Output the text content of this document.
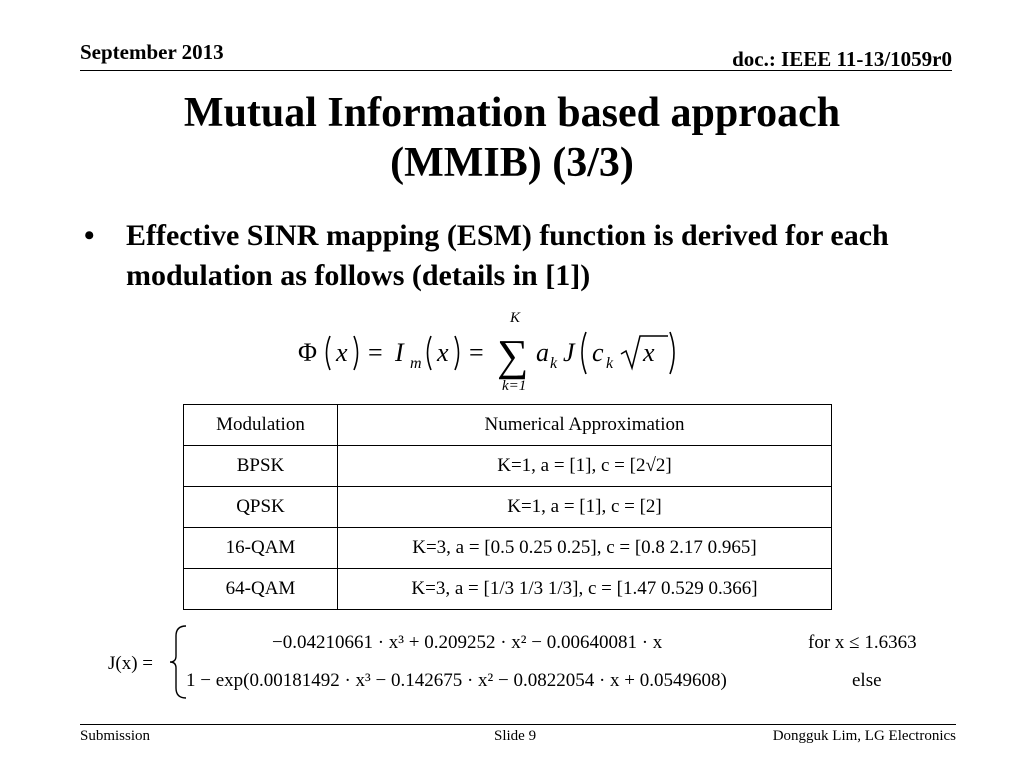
September 2013	doc.: IEEE 11-13/1059r0
Mutual Information based approach
(MMIB) (3/3)
• Effective SINR mapping (ESM) function is derived for each modulation as follows (details in [1])
Φ x = I m x =
K
∑
k=1
a k J c k x
Modulation	Numerical Approximation
BPSK	K=1, a = [1], c = [2√2]
QPSK	K=1, a = [1], c = [2]
16-QAM	K=3, a = [0.5 0.25 0.25], c = [0.8 2.17 0.965]
64-QAM	K=3, a = [1/3 1/3 1/3], c = [1.47 0.529 0.366]
J(x) =
−0.04210661 · x³ + 0.209252 · x² − 0.00640081 · x	for x ≤ 1.6363
1 − exp(0.00181492 · x³ − 0.142675 · x² − 0.0822054 · x + 0.0549608)	else
Submission	Slide 9	Dongguk Lim, LG Electronics
